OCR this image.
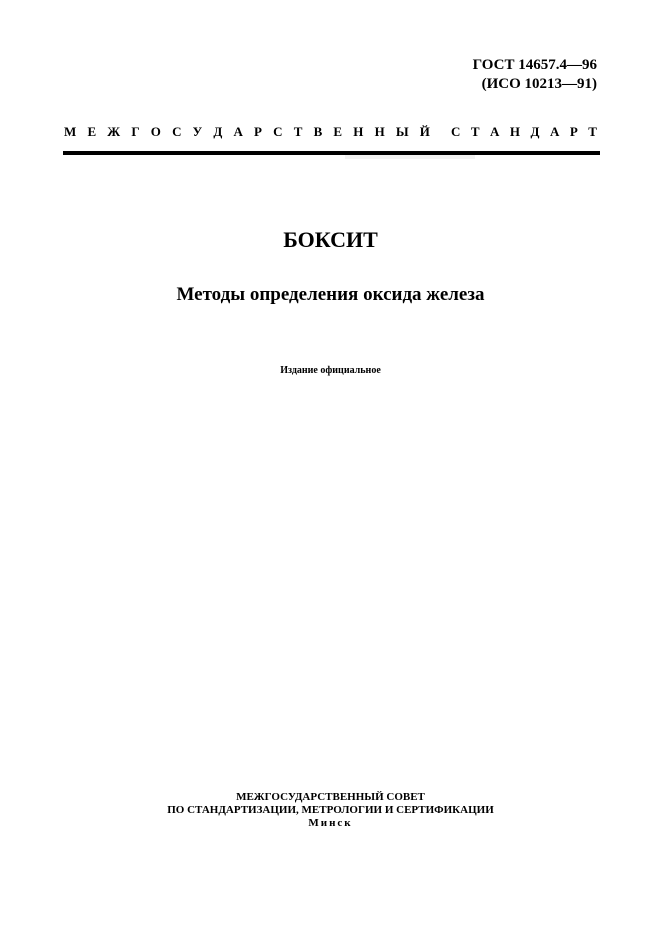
ГОСТ 14657.4—96
(ИСО 10213—91)
М Е Ж Г О С У Д А Р С Т В Е Н Н Ы Й С Т А Н Д А Р Т
БОКСИТ
Методы определения оксида железа
Издание официальное
МЕЖГОСУДАРСТВЕННЫЙ СОВЕТ
ПО СТАНДАРТИЗАЦИИ, МЕТРОЛОГИИ И СЕРТИФИКАЦИИ
Минск
